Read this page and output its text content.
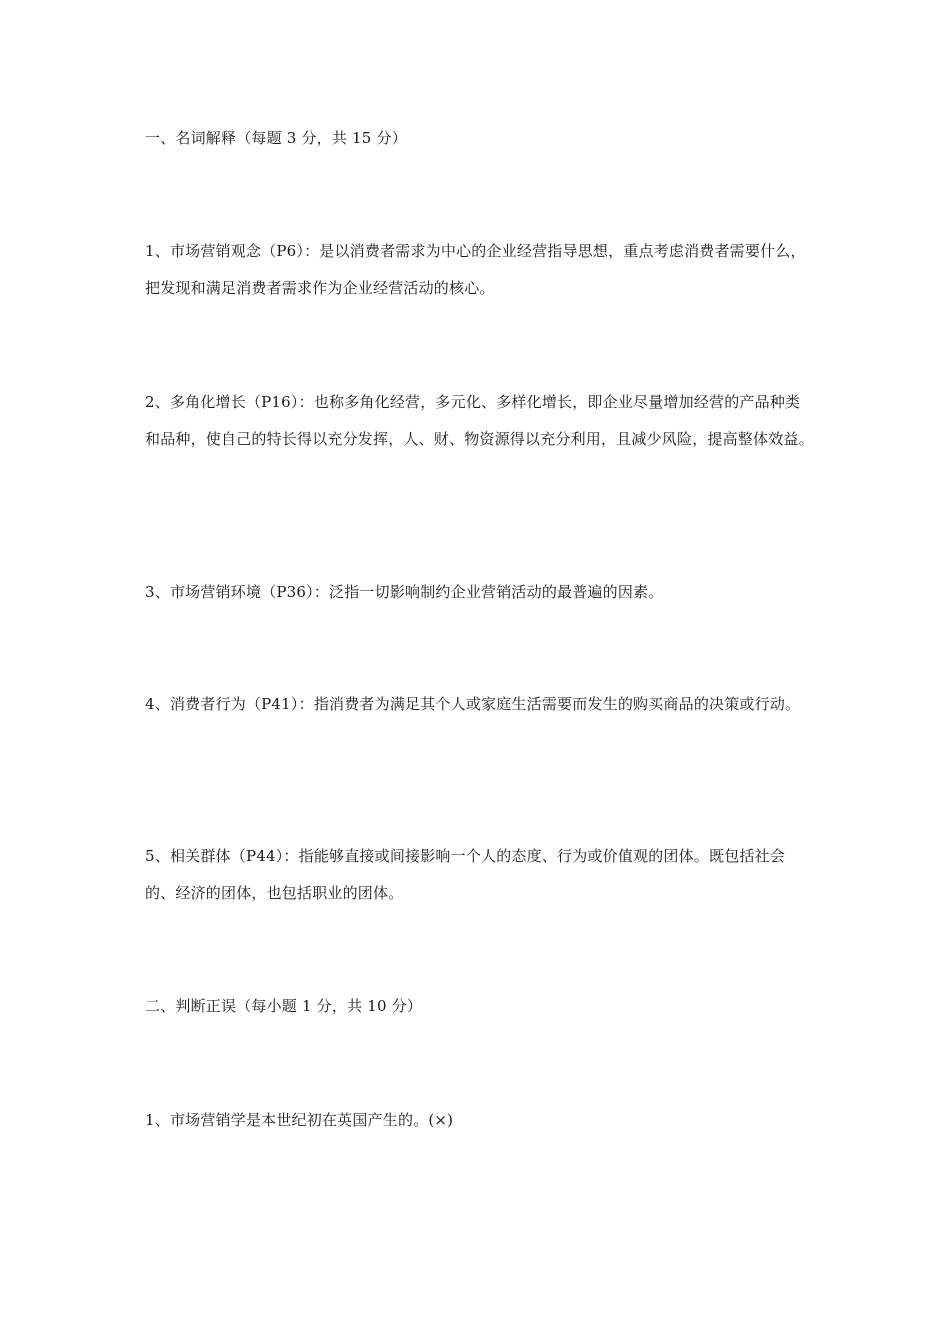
一、名词解释（每题 3 分，共 15 分）

1、市场营销观念（P6）：是以消费者需求为中心的企业经营指导思想，重点考虑消费者需要什么，把发现和满足消费者需求作为企业经营活动的核心。

2、多角化增长（P16）：也称多角化经营，多元化、多样化增长，即企业尽量增加经营的产品种类和品种，使自己的特长得以充分发挥，人、财、物资源得以充分利用，且减少风险，提高整体效益。

3、市场营销环境（P36）：泛指一切影响制约企业营销活动的最普遍的因素。

4、消费者行为（P41）：指消费者为满足其个人或家庭生活需要而发生的购买商品的决策或行动。

5、相关群体（P44）：指能够直接或间接影响一个人的态度、行为或价值观的团体。既包括社会的、经济的团体，也包括职业的团体。

二、判断正误（每小题 1 分，共 10 分）

1、市场营销学是本世纪初在英国产生的。(×)
